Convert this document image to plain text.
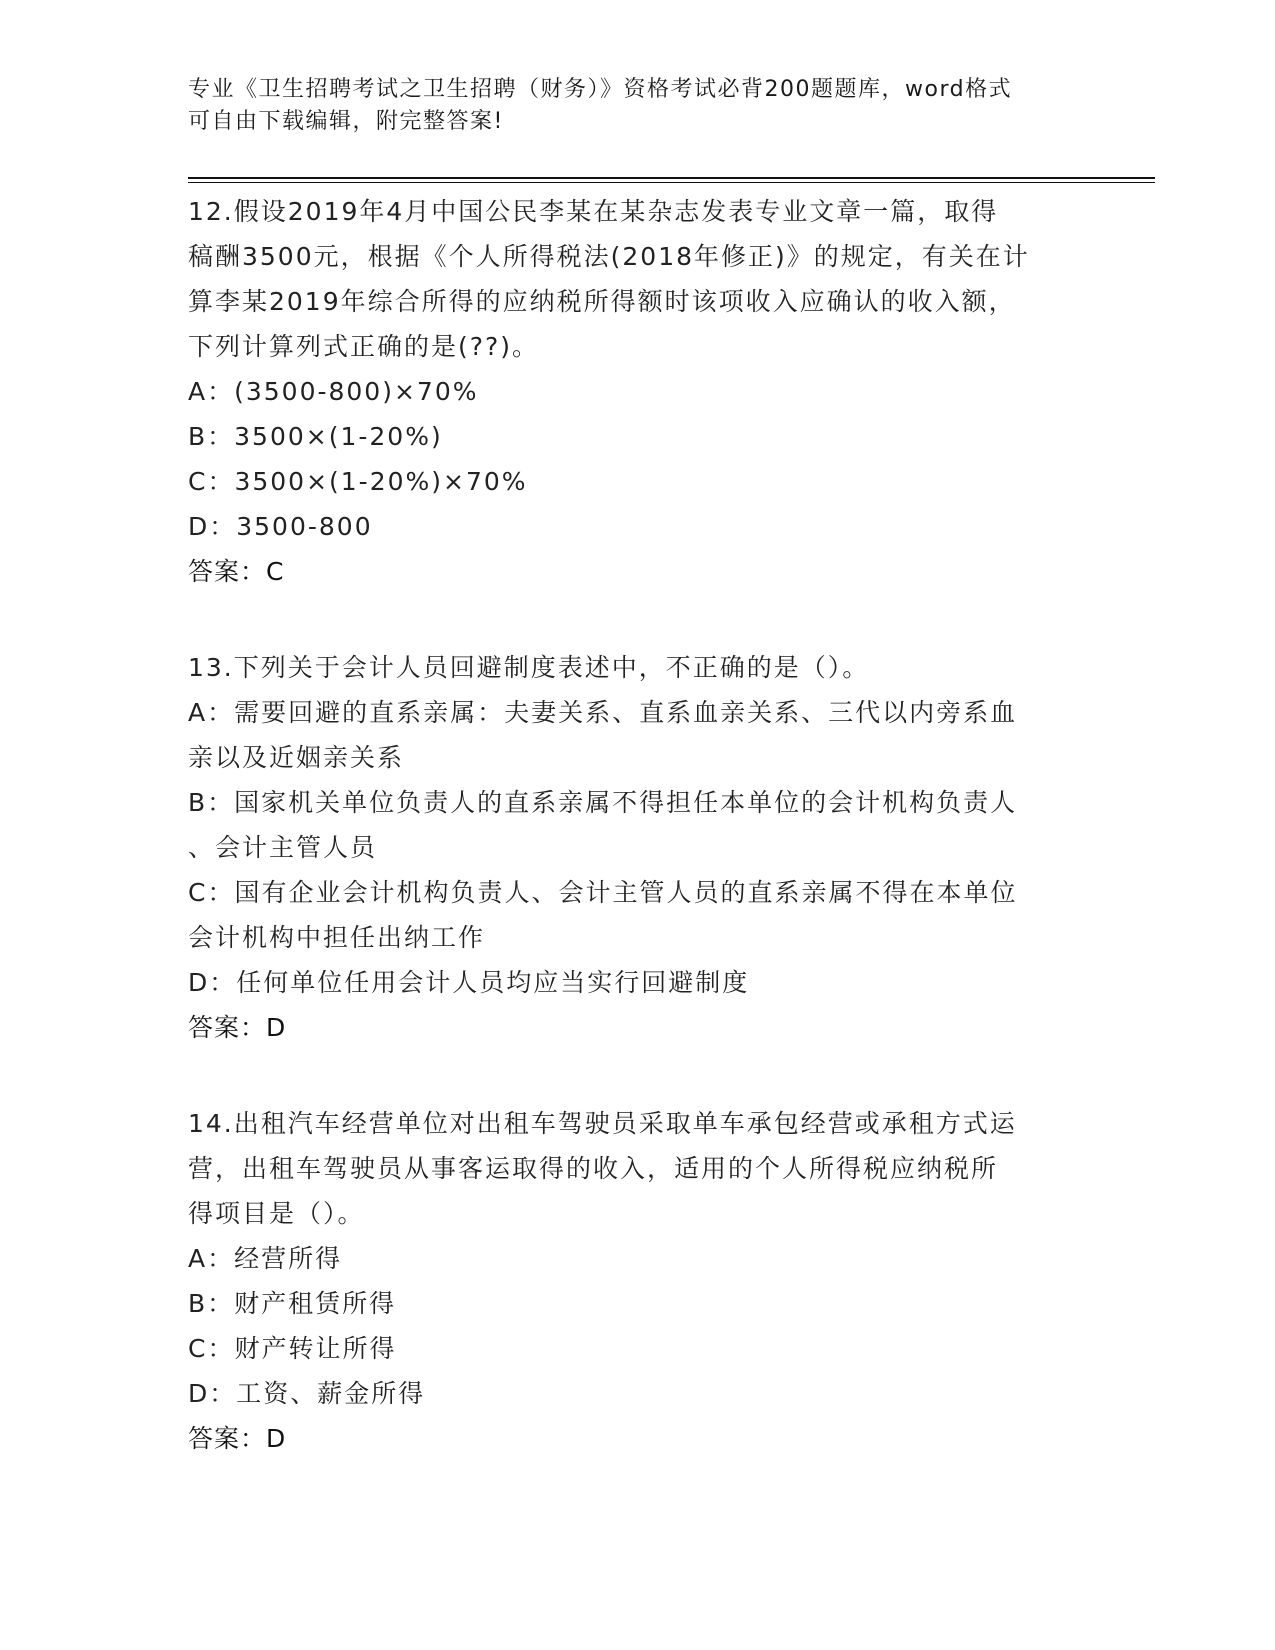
专业《卫生招聘考试之卫生招聘（财务）》资格考试必背200题题库，word格式
可自由下载编辑，附完整答案!
12.假设2019年4月中国公民李某在某杂志发表专业文章一篇，取得
稿酬3500元，根据《个人所得税法(2018年修正)》的规定，有关在计
算李某2019年综合所得的应纳税所得额时该项收入应确认的收入额，
下列计算列式正确的是(??)。
A：(3500-800)×70%
B：3500×(1-20%)
C：3500×(1-20%)×70%
D：3500-800
答案：C
13.下列关于会计人员回避制度表述中，不正确的是（）。
A：需要回避的直系亲属：夫妻关系、直系血亲关系、三代以内旁系血
亲以及近姻亲关系
B：国家机关单位负责人的直系亲属不得担任本单位的会计机构负责人
、会计主管人员
C：国有企业会计机构负责人、会计主管人员的直系亲属不得在本单位
会计机构中担任出纳工作
D：任何单位任用会计人员均应当实行回避制度
答案：D
14.出租汽车经营单位对出租车驾驶员采取单车承包经营或承租方式运
营，出租车驾驶员从事客运取得的收入，适用的个人所得税应纳税所
得项目是（）。
A：经营所得
B：财产租赁所得
C：财产转让所得
D：工资、薪金所得
答案：D
